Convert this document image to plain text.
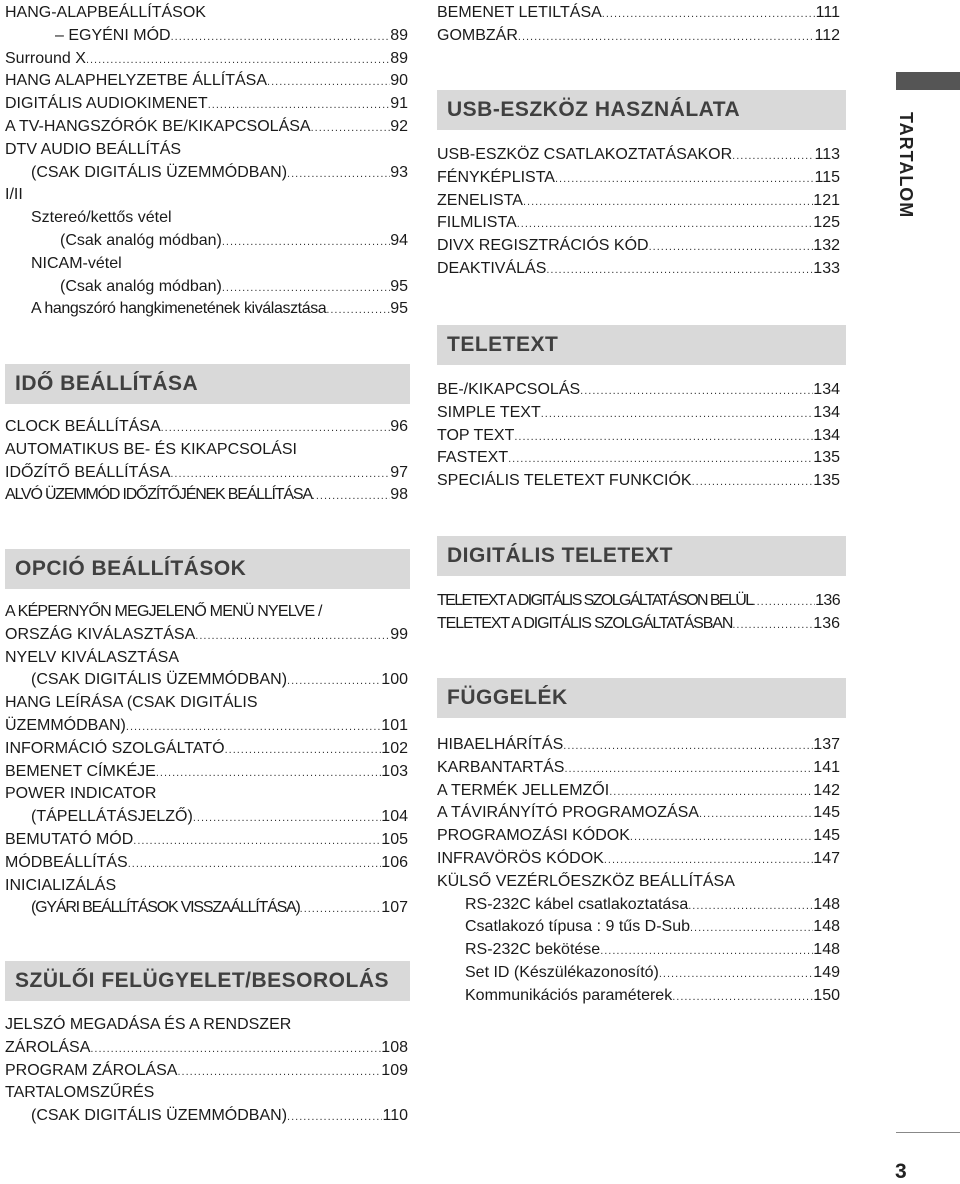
HANG-ALAPBEÁLLÍTÁSOK
– EGYÉNI MÓD .....	89
Surround X .....	89
HANG ALAPHELYZETBE ÁLLÍTÁSA .....	90
DIGITÁLIS AUDIOKIMENET .....	91
A TV-HANGSZÓRÓK BE/KIKAPCSOLÁSA .....	92
DTV AUDIO BEÁLLÍTÁS
(CSAK DIGITÁLIS ÜZEMMÓDBAN) .....	93
I/II
Sztereó/kettős vétel
(Csak analóg módban) .....	94
NICAM-vétel
(Csak analóg módban) .....	95
A hangszóró hangkimenetének kiválasztása .....	95
IDŐ BEÁLLÍTÁSA
CLOCK BEÁLLÍTÁSA .....	96
AUTOMATIKUS BE- ÉS KIKAPCSOLÁSI
IDŐZÍTŐ BEÁLLÍTÁSA .....	97
ALVÓ ÜZEMMÓD IDŐZÍTŐJÉNEK BEÁLLÍTÁSA .....	98
OPCIÓ BEÁLLÍTÁSOK
A KÉPERNYŐN MEGJELENŐ MENÜ NYELVE /
ORSZÁG KIVÁLASZTÁSA .....	99
NYELV KIVÁLASZTÁSA
(CSAK DIGITÁLIS ÜZEMMÓDBAN) .....	100
HANG LEÍRÁSA (CSAK DIGITÁLIS
ÜZEMMÓDBAN) .....	101
INFORMÁCIÓ SZOLGÁLTATÓ .....	102
BEMENET CÍMKÉJE .....	103
POWER INDICATOR
(TÁPELLÁTÁSJELZŐ) .....	104
BEMUTATÓ MÓD .....	105
MÓDBEÁLLÍTÁS .....	106
INICIALIZÁLÁS
(GYÁRI BEÁLLÍTÁSOK VISSZAÁLLÍTÁSA) .....	107
SZÜLŐI FELÜGYELET/BESOROLÁS
JELSZÓ MEGADÁSA ÉS A RENDSZER
ZÁROLÁSA .....	108
PROGRAM ZÁROLÁSA .....	109
TARTALOMSZŰRÉS
(CSAK DIGITÁLIS ÜZEMMÓDBAN) .....	110
BEMENET LETILTÁSA .....	111
GOMBZÁR .....	112
USB-ESZKÖZ HASZNÁLATA
USB-ESZKÖZ CSATLAKOZTATÁSAKOR .....	113
FÉNYKÉPLISTA .....	115
ZENELISTA .....	121
FILMLISTA .....	125
DIVX REGISZTRÁCIÓS KÓD .....	132
DEAKTIVÁLÁS .....	133
TELETEXT
BE-/KIKAPCSOLÁS .....	134
SIMPLE TEXT .....	134
TOP TEXT .....	134
FASTEXT .....	135
SPECIÁLIS TELETEXT FUNKCIÓK .....	135
DIGITÁLIS TELETEXT
TELETEXT A DIGITÁLIS SZOLGÁLTATÁSON BELÜL .....	136
TELETEXT A DIGITÁLIS SZOLGÁLTATÁSBAN .....	136
FÜGGELÉK
HIBAELHÁRÍTÁS .....	137
KARBANTARTÁS .....	141
A TERMÉK JELLEMZŐI .....	142
A TÁVIRÁNYÍTÓ PROGRAMOZÁSA .....	145
PROGRAMOZÁSI KÓDOK .....	145
INFRAVÖRÖS KÓDOK .....	147
KÜLSŐ VEZÉRLŐESZKÖZ BEÁLLÍTÁSA
RS-232C kábel csatlakoztatása .....	148
Csatlakozó típusa : 9 tűs D-Sub .....	148
RS-232C bekötése .....	148
Set ID (Készülékazonosító) .....	149
Kommunikációs paraméterek .....	150
TARTALOM
3
